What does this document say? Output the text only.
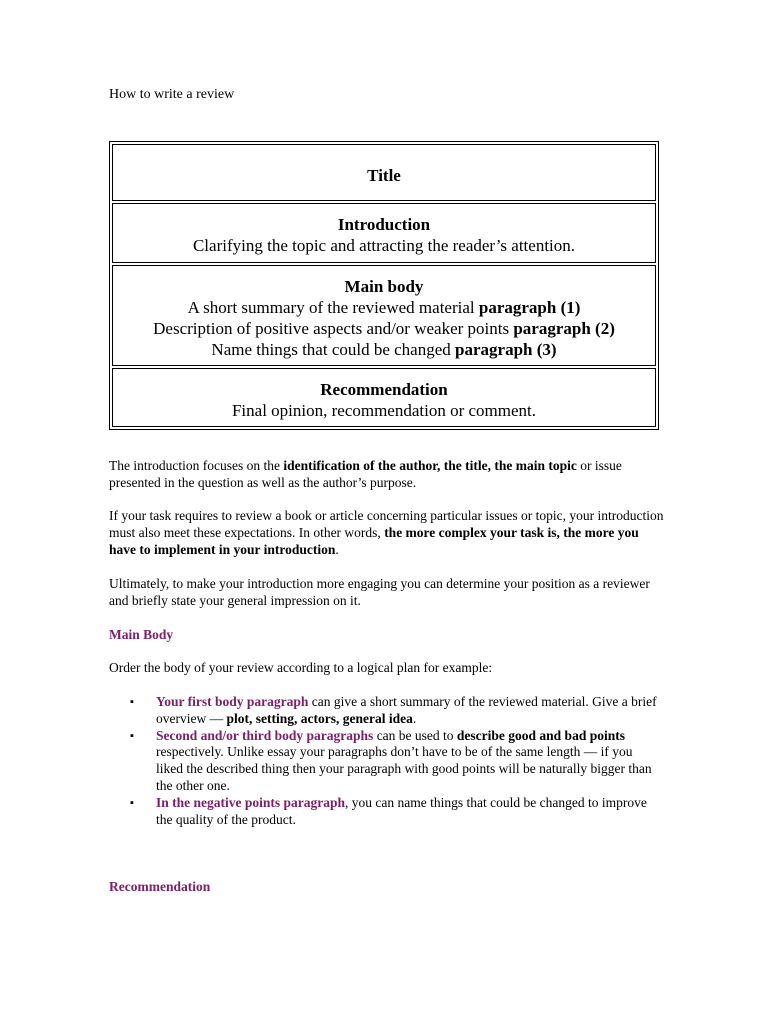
How to write a review
Title
Introduction
Clarifying the topic and attracting the reader’s attention.
Main body
A short summary of the reviewed material paragraph (1)
Description of positive aspects and/or weaker points paragraph (2)
Name things that could be changed paragraph (3)
Recommendation
Final opinion, recommendation or comment.
The introduction focuses on the identification of the author, the title, the main topic or issue presented in the question as well as the author’s purpose.
If your task requires to review a book or article concerning particular issues or topic, your introduction must also meet these expectations. In other words, the more complex your task is, the more you have to implement in your introduction.
Ultimately, to make your introduction more engaging you can determine your position as a reviewer and briefly state your general impression on it.
Main Body
Order the body of your review according to a logical plan for example:
▪ Your first body paragraph can give a short summary of the reviewed material. Give a brief overview — plot, setting, actors, general idea.
▪ Second and/or third body paragraphs can be used to describe good and bad points respectively. Unlike essay your paragraphs don’t have to be of the same length — if you liked the described thing then your paragraph with good points will be naturally bigger than the other one.
▪ In the negative points paragraph, you can name things that could be changed to improve the quality of the product.
Recommendation
